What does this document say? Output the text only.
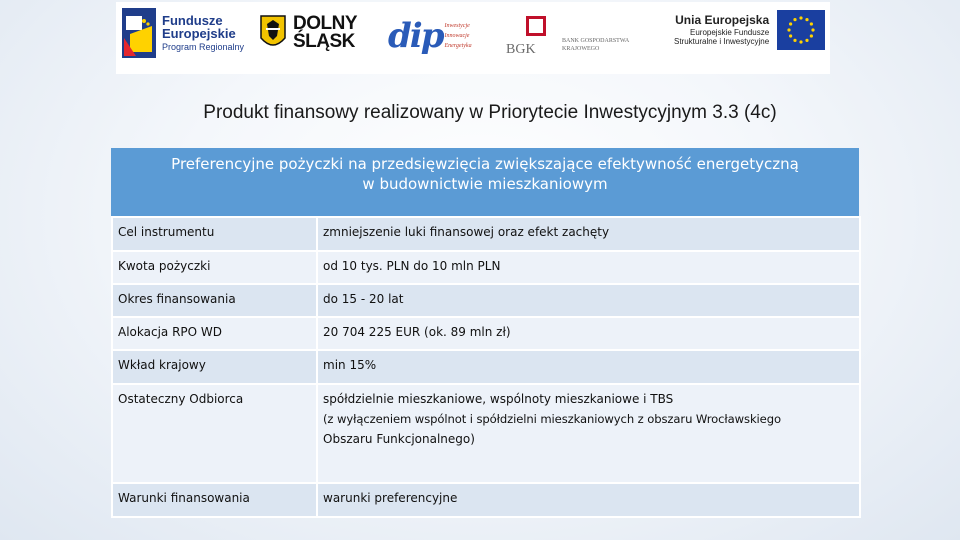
Fundusze
Europejskie
Program Regionalny
DOLNY
ŚLĄSK dip Inwestycje
Innowacje
Energetyka BGK
BANK GOSPODARSTWA
KRAJOWEGO
Unia Europejska
Europejskie Fundusze
Strukturalne i Inwestycyjne
Produkt finansowy realizowany w Priorytecie Inwestycyjnym 3.3 (4c)
Preferencyjne pożyczki na przedsięwzięcia zwiększające efektywność energetyczną
w budownictwie mieszkaniowym
Cel instrumentu	zmniejszenie luki finansowej oraz efekt zachęty

Kwota pożyczki	od 10 tys. PLN do 10 mln PLN

Okres finansowania	do 15 - 20 lat

Alokacja RPO WD	20 704 225 EUR (ok. 89 mln zł)

Wkład krajowy	min 15%

Ostateczny Odbiorca	spółdzielnie mieszkaniowe, wspólnoty mieszkaniowe i TBS
(z wyłączeniem wspólnot i spółdzielni mieszkaniowych z obszaru Wrocławskiego
Obszaru Funkcjonalnego)

Warunki finansowania	warunki preferencyjne
